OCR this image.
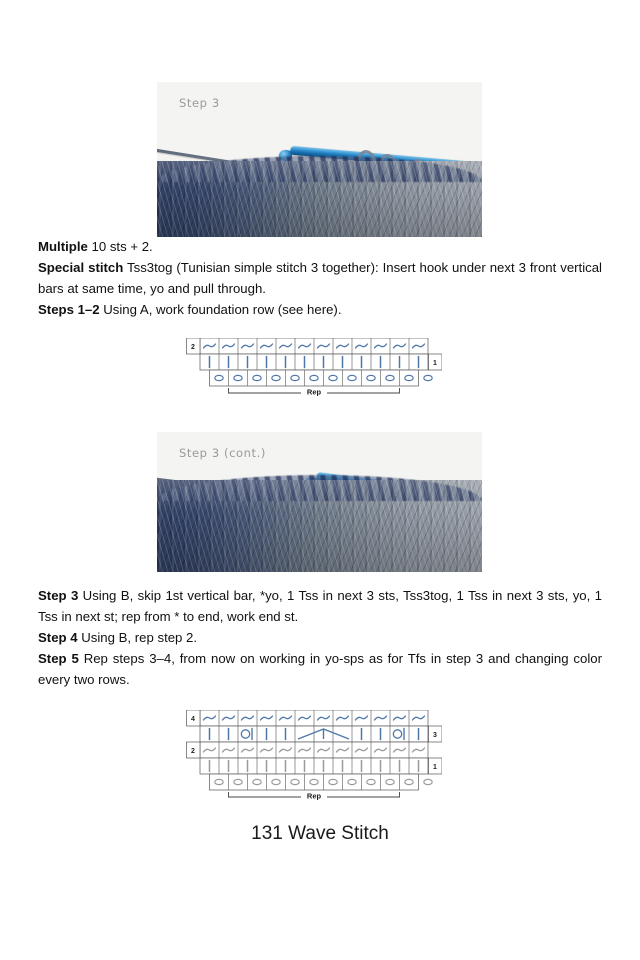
Step 3
Step 3 (cont.)
Multiple 10 sts + 2.
Special stitch Tss3tog (Tunisian simple stitch 3 together): Insert hook under next 3 front vertical bars at same time, yo and pull through.
Steps 1–2 Using A, work foundation row (see here).
2
1
Rep
Step 3 Using B, skip 1st vertical bar, *yo, 1 Tss in next 3 sts, Tss3tog, 1 Tss in next 3 sts, yo, 1 Tss in next st; rep from * to end, work end st.
Step 4 Using B, rep step 2.
Step 5 Rep steps 3–4, from now on working in yo-sps as for Tfs in step 3 and changing color every two rows.
4
3
2
1
Rep
131 Wave Stitch
